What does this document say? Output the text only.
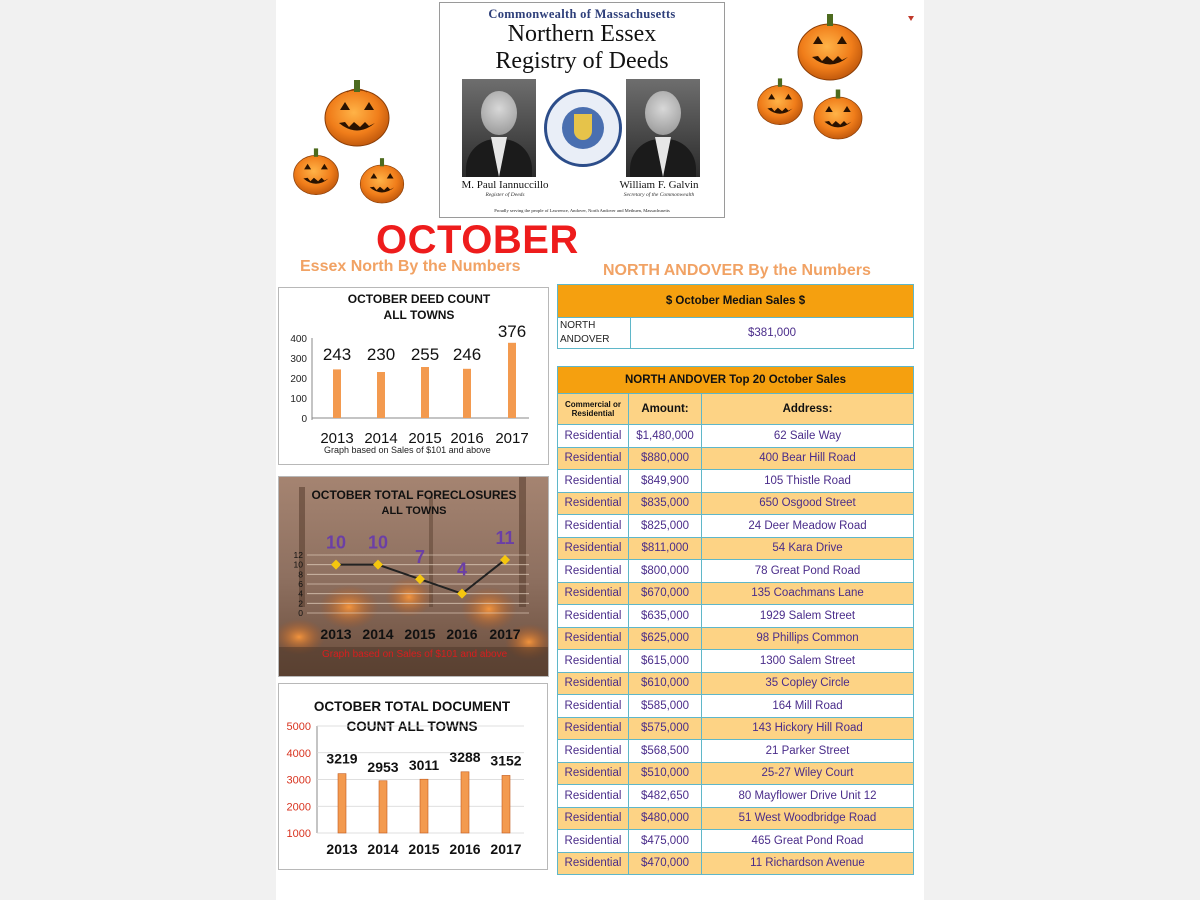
Commonwealth of Massachusetts
Northern Essex
Registry of Deeds
M. Paul Iannuccillo
Register of Deeds
William F. Galvin
Secretary of the Commonwealth
Proudly serving the people of Lawrence, Andover, North Andover and Methuen, Massachusetts
OCTOBER
Essex North By the Numbers	NORTH ANDOVER By the Numbers
OCTOBER DEED COUNT
ALL TOWNS
0
100
200
300
400
243
2013
230
2014
255
2015
246
2016
376
2017
Graph based on Sales of $101 and above
OCTOBER TOTAL FORECLOSURES
ALL TOWNS
0
2
4
6
8
10
12
10
2013
10
2014
7
2015
4
2016
11
2017
Graph based on Sales of $101 and above
OCTOBER TOTAL DOCUMENT
COUNT ALL TOWNS
1000
2000
3000
4000
5000
3219
2013
2953
2014
3011
2015
3288
2016
3152
2017
$ October Median Sales $
NORTH ANDOVER	$381,000
NORTH ANDOVER Top 20 October Sales		
Commercial or Residential	Amount:	Address:
Residential	$1,480,000	62 Saile Way
Residential	$880,000	400 Bear Hill Road
Residential	$849,900	105 Thistle Road
Residential	$835,000	650 Osgood Street
Residential	$825,000	24 Deer Meadow Road
Residential	$811,000	54 Kara Drive
Residential	$800,000	78 Great Pond Road
Residential	$670,000	135 Coachmans Lane
Residential	$635,000	1929 Salem Street
Residential	$625,000	98 Phillips Common
Residential	$615,000	1300 Salem Street
Residential	$610,000	35 Copley Circle
Residential	$585,000	164 Mill Road
Residential	$575,000	143 Hickory Hill Road
Residential	$568,500	21 Parker Street
Residential	$510,000	25-27 Wiley Court
Residential	$482,650	80 Mayflower Drive Unit 12
Residential	$480,000	51 West Woodbridge Road
Residential	$475,000	465 Great Pond Road
Residential	$470,000	11 Richardson Avenue
